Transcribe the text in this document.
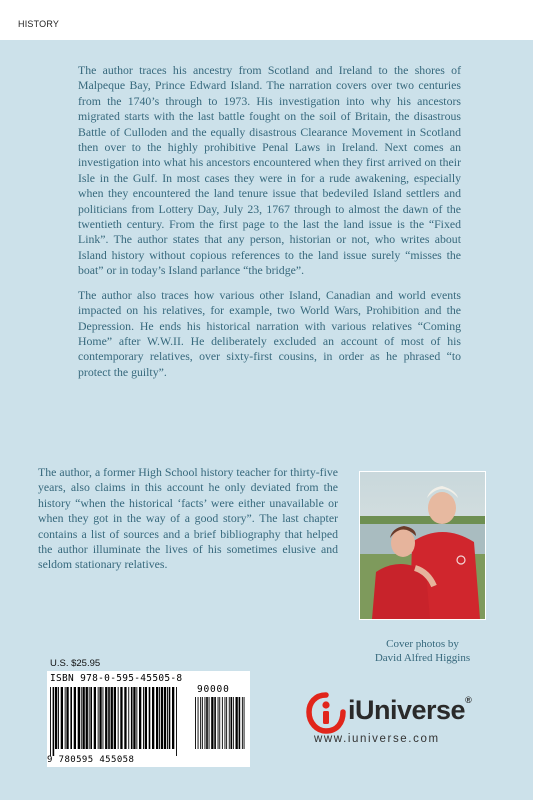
HISTORY

The author traces his ancestry from Scotland and Ireland to the shores of Malpeque Bay, Prince Edward Island. The narration covers over two centuries from the 1740’s through to 1973. His investigation into why his ancestors migrated starts with the last battle fought on the soil of Britain, the disastrous Battle of Culloden and the equally disastrous Clearance Movement in Scotland then over to the highly prohibitive Penal Laws in Ireland. Next comes an investigation into what his ancestors encountered when they first arrived on their Isle in the Gulf. In most cases they were in for a rude awakening, especially when they encountered the land tenure issue that bedeviled Island settlers and politicians from Lottery Day, July 23, 1767 through to almost the dawn of the twentieth century. From the first page to the last the land issue is the “Fixed Link”. The author states that any person, historian or not, who writes about Island history without copious references to the land issue surely “misses the boat” or in today’s Island parlance “the bridge”.

The author also traces how various other Island, Canadian and world events impacted on his relatives, for example, two World Wars, Prohibition and the Depression. He ends his historical narration with various relatives “Coming Home” after W.W.II. He deliberately excluded an account of most of his contemporary relatives, over sixty-first cousins, in order as he phrased “to protect the guilty”.

The author, a former High School history teacher for thirty-five years, also claims in this account he only deviated from the history “when the historical ‘facts’ were either unavailable or when they got in the way of a good story”. The last chapter contains a list of sources and a brief bibliography that helped the author illuminate the lives of his sometimes elusive and seldom stationary relatives.
Cover photos by
David Alfred Higgins
U.S. $25.95
ISBN 978-0-595-45505-8
90000
9 780595 455058
iUniverse®
www.iuniverse.com
